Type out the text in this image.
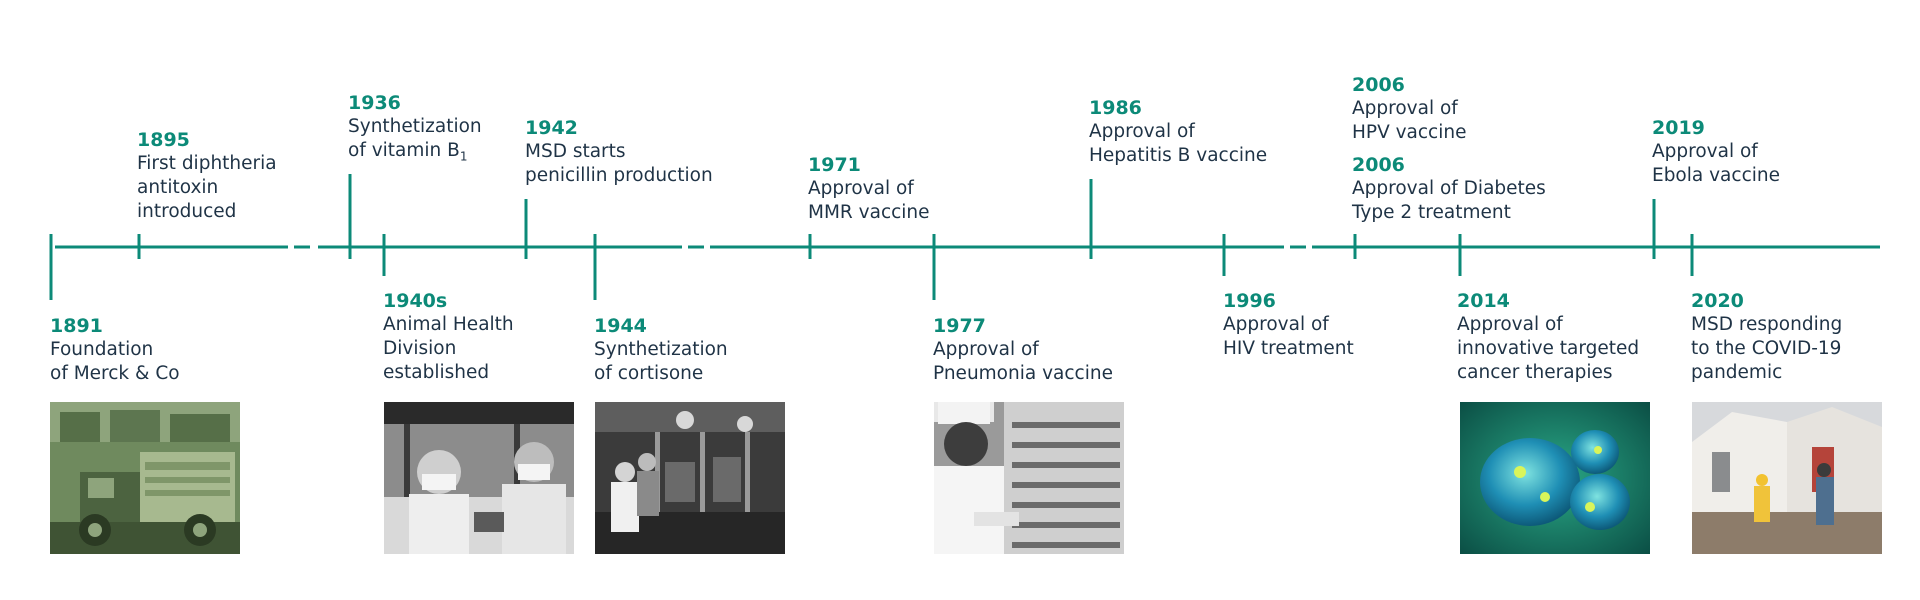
1891
Foundation
of Merck & Co
1895
First diphtheria
antitoxin
introduced
1936
Synthetization
of vitamin $B_1$
1940s
Animal Health
Division
established
1942
MSD starts
penicillin production
1944
Synthetization
of cortisone
1971
Approval of
MMR vaccine
1977
Approval of
Pneumonia vaccine
1986
Approval of
Hepatitis B vaccine
1996
Approval of
HIV treatment
2006
Approval of
HPV vaccine
2006
Approval of Diabetes
Type 2 treatment
2014
Approval of
innovative targeted
cancer therapies
2019
Approval of
Ebola vaccine
2020
MSD responding
to the COVID-19
pandemic
